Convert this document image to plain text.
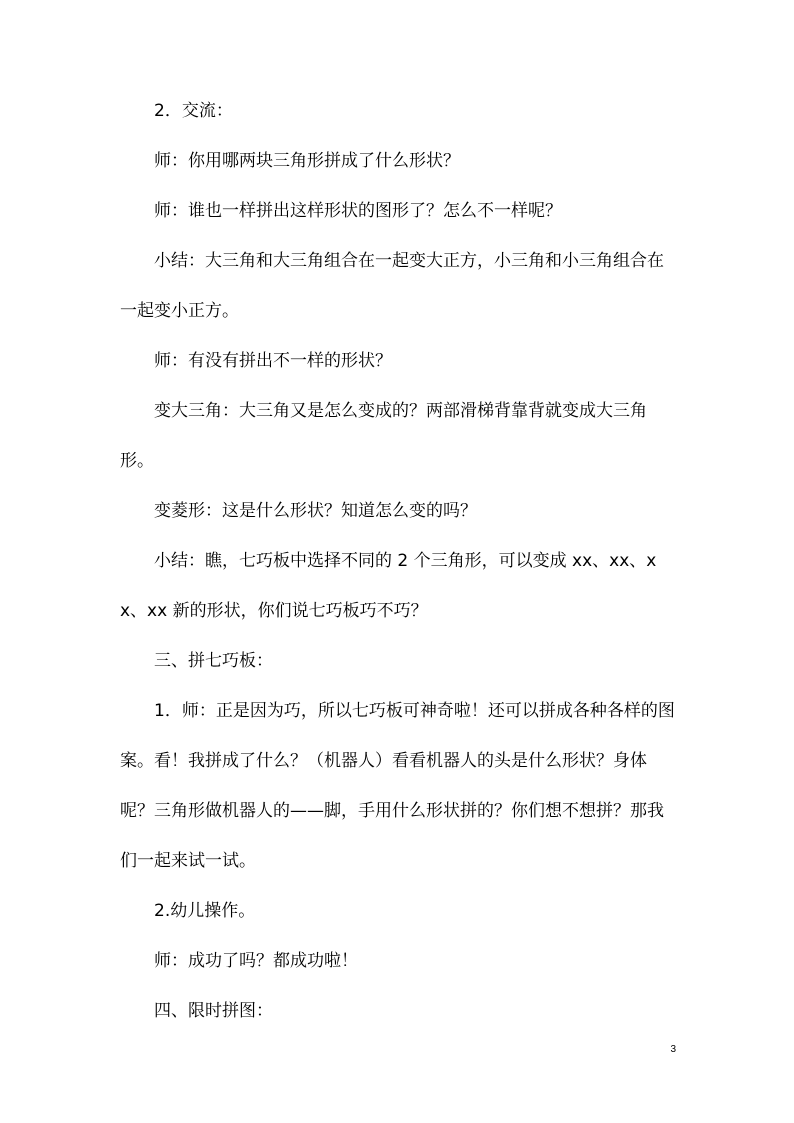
2．交流：

师：你用哪两块三角形拼成了什么形状？

师：谁也一样拼出这样形状的图形了？怎么不一样呢？

小结：大三角和大三角组合在一起变大正方，小三角和小三角组合在一起变小正方。

师：有没有拼出不一样的形状？

变大三角：大三角又是怎么变成的？两部滑梯背靠背就变成大三角形。

变菱形：这是什么形状？知道怎么变的吗？

小结：瞧，七巧板中选择不同的 2 个三角形，可以变成 xx、xx、xx、xx 新的形状，你们说七巧板巧不巧？

三、拼七巧板：

1．师：正是因为巧，所以七巧板可神奇啦！还可以拼成各种各样的图案。看！我拼成了什么？（机器人）看看机器人的头是什么形状？身体呢？三角形做机器人的——脚，手用什么形状拼的？你们想不想拼？那我们一起来试一试。

2.幼儿操作。

师：成功了吗？都成功啦！

四、限时拼图：

3
